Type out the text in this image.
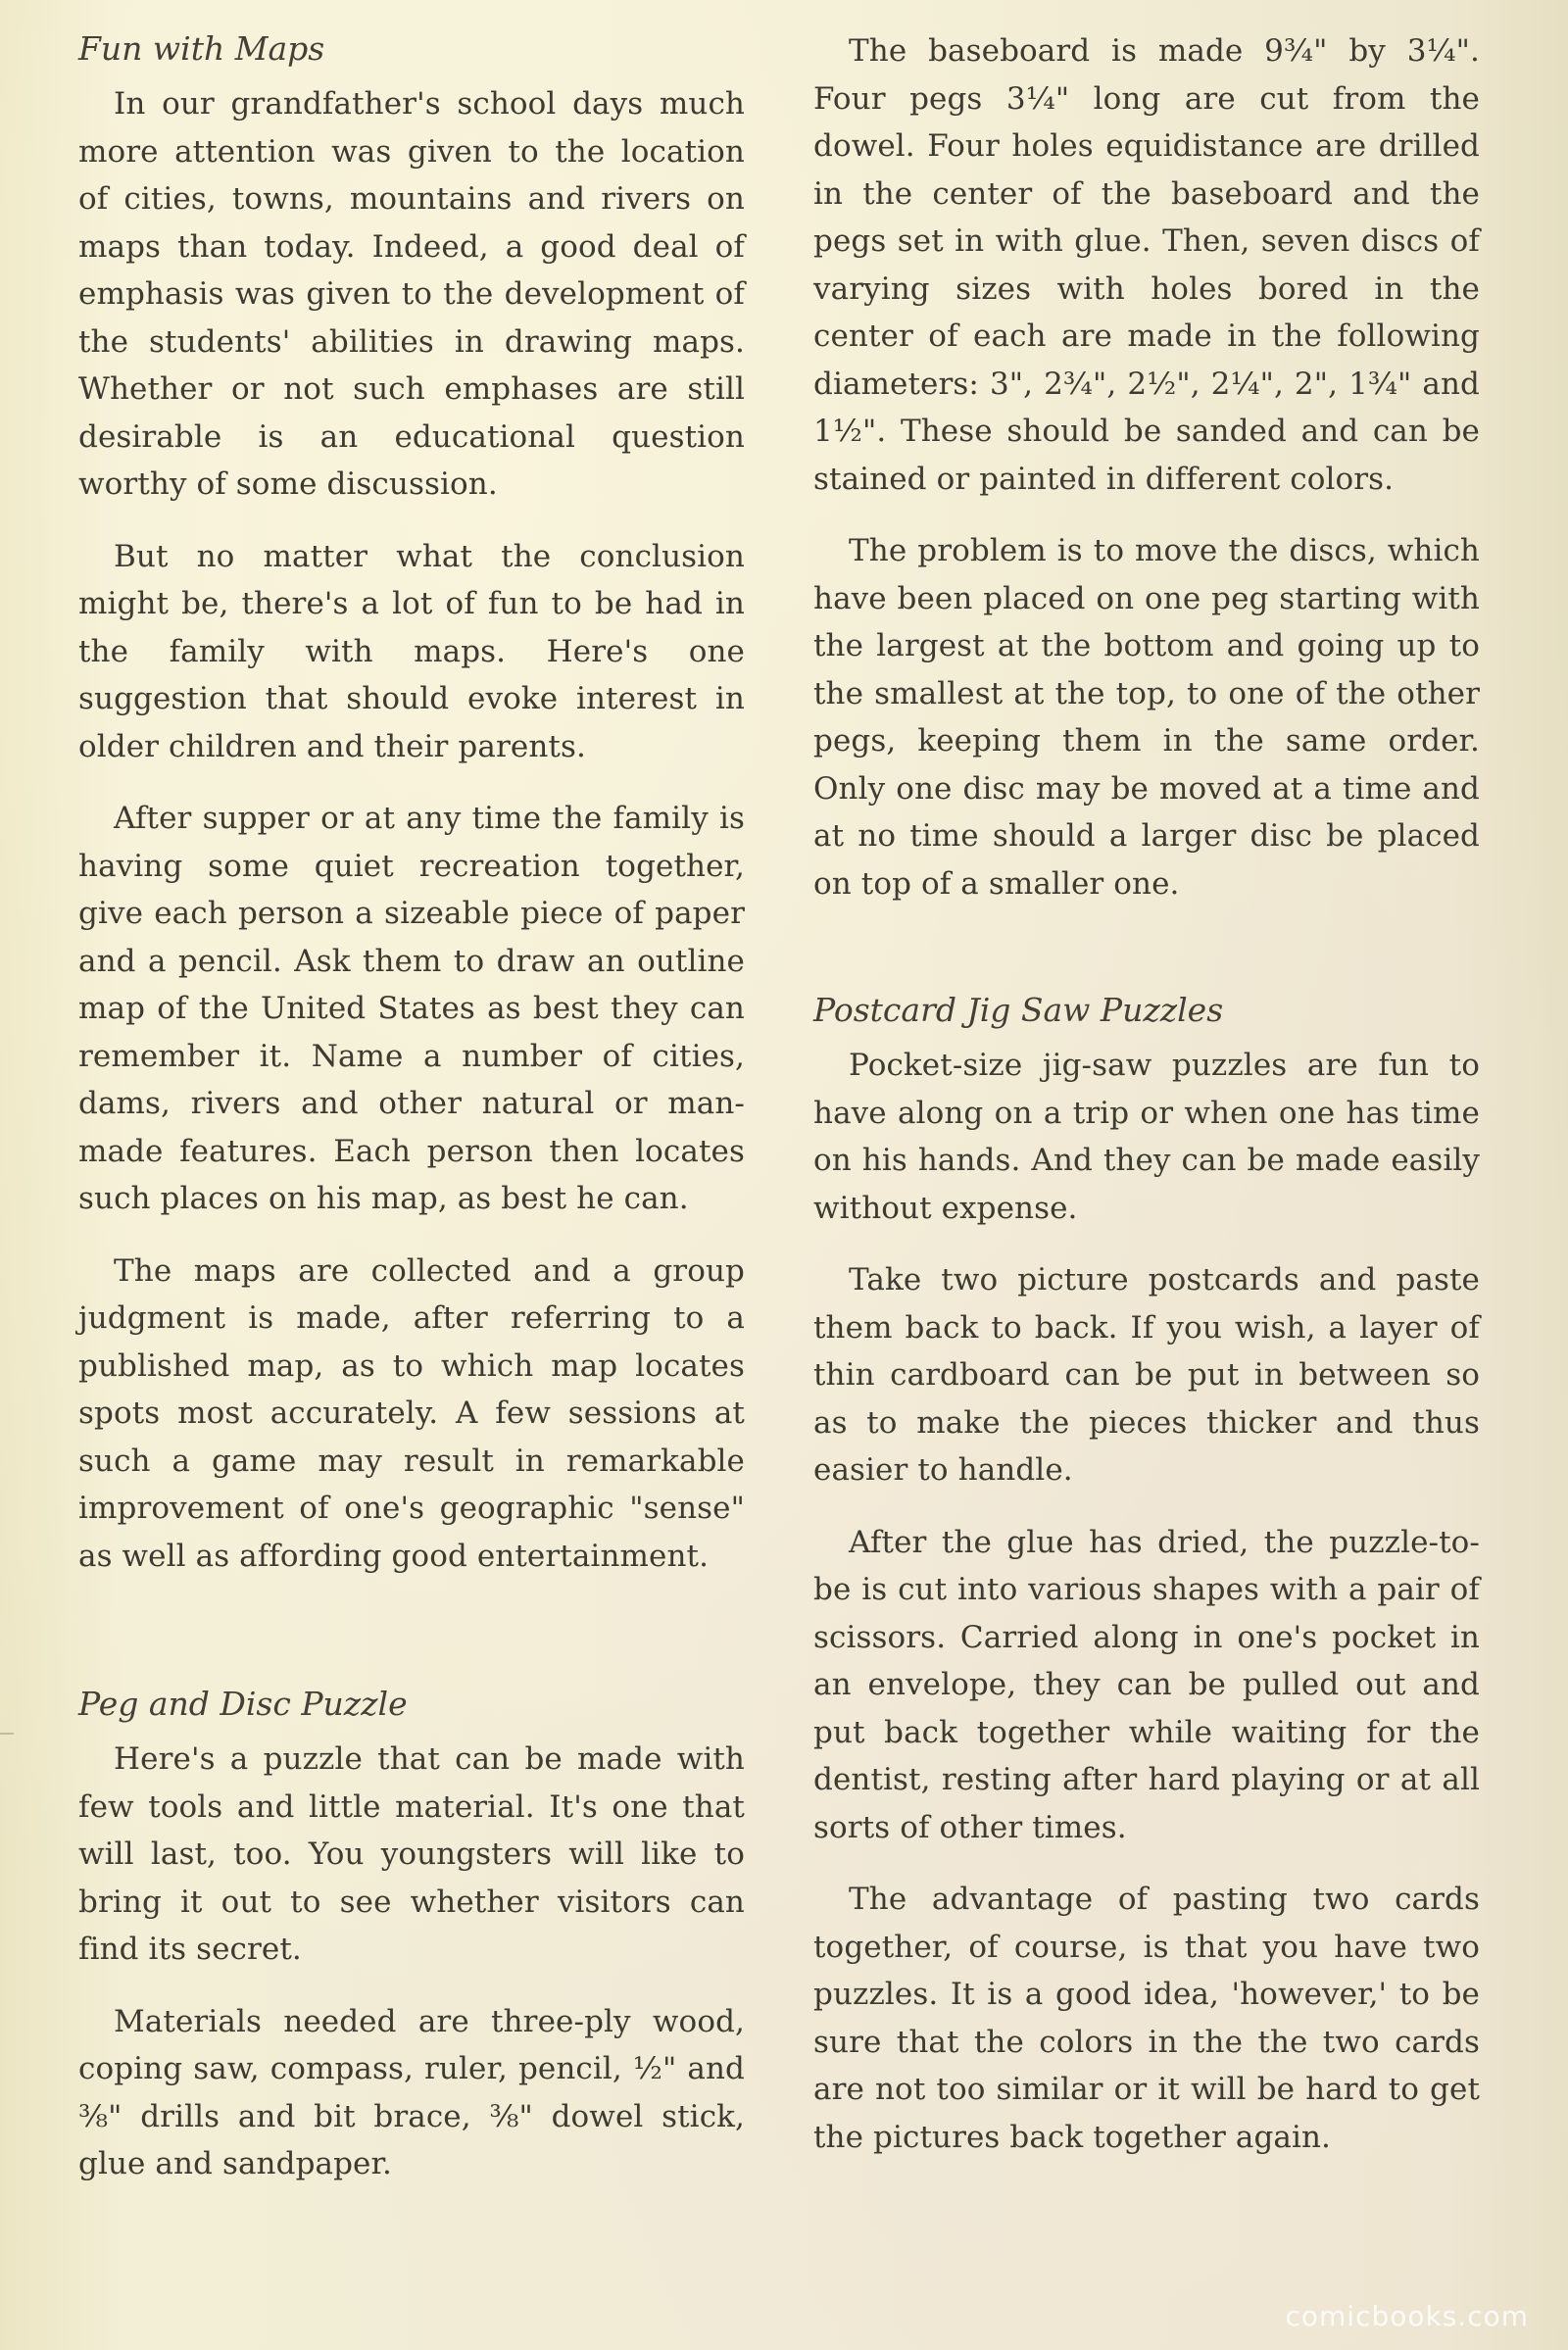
Fun with Maps

In our grandfather's school days much more attention was given to the location of cities, towns, mountains and rivers on maps than today. Indeed, a good deal of emphasis was given to the development of the students' abilities in drawing maps. Whether or not such emphases are still desirable is an educational question worthy of some discussion.

But no matter what the conclusion might be, there's a lot of fun to be had in the family with maps. Here's one suggestion that should evoke interest in older children and their parents.

After supper or at any time the family is having some quiet recreation together, give each person a sizeable piece of paper and a pencil. Ask them to draw an outline map of the United States as best they can remember it. Name a number of cities, dams, rivers and other natural or man-made features. Each person then locates such places on his map, as best he can.

The maps are collected and a group judgment is made, after referring to a published map, as to which map locates spots most accurately. A few sessions at such a game may result in remarkable improvement of one's geographic "sense" as well as affording good entertainment.

Peg and Disc Puzzle

Here's a puzzle that can be made with few tools and little material. It's one that will last, too. You youngsters will like to bring it out to see whether visitors can find its secret.

Materials needed are three-ply wood, coping saw, compass, ruler, pencil, ½" and ⅜" drills and bit brace, ⅜" dowel stick, glue and sandpaper.

The baseboard is made 9¾" by 3¼". Four pegs 3¼" long are cut from the dowel. Four holes equidistance are drilled in the center of the baseboard and the pegs set in with glue. Then, seven discs of varying sizes with holes bored in the center of each are made in the following diameters: 3", 2¾", 2½", 2¼", 2", 1¾" and 1½". These should be sanded and can be stained or painted in different colors.

The problem is to move the discs, which have been placed on one peg starting with the largest at the bottom and going up to the smallest at the top, to one of the other pegs, keeping them in the same order. Only one disc may be moved at a time and at no time should a larger disc be placed on top of a smaller one.

Postcard Jig Saw Puzzles

Pocket-size jig-saw puzzles are fun to have along on a trip or when one has time on his hands. And they can be made easily without expense.

Take two picture postcards and paste them back to back. If you wish, a layer of thin cardboard can be put in between so as to make the pieces thicker and thus easier to handle.

After the glue has dried, the puzzle-to-be is cut into various shapes with a pair of scissors. Carried along in one's pocket in an envelope, they can be pulled out and put back together while waiting for the dentist, resting after hard playing or at all sorts of other times.

The advantage of pasting two cards together, of course, is that you have two puzzles. It is a good idea, 'however,' to be sure that the colors in the the two cards are not too similar or it will be hard to get the pictures back together again.

comicbooks.com
